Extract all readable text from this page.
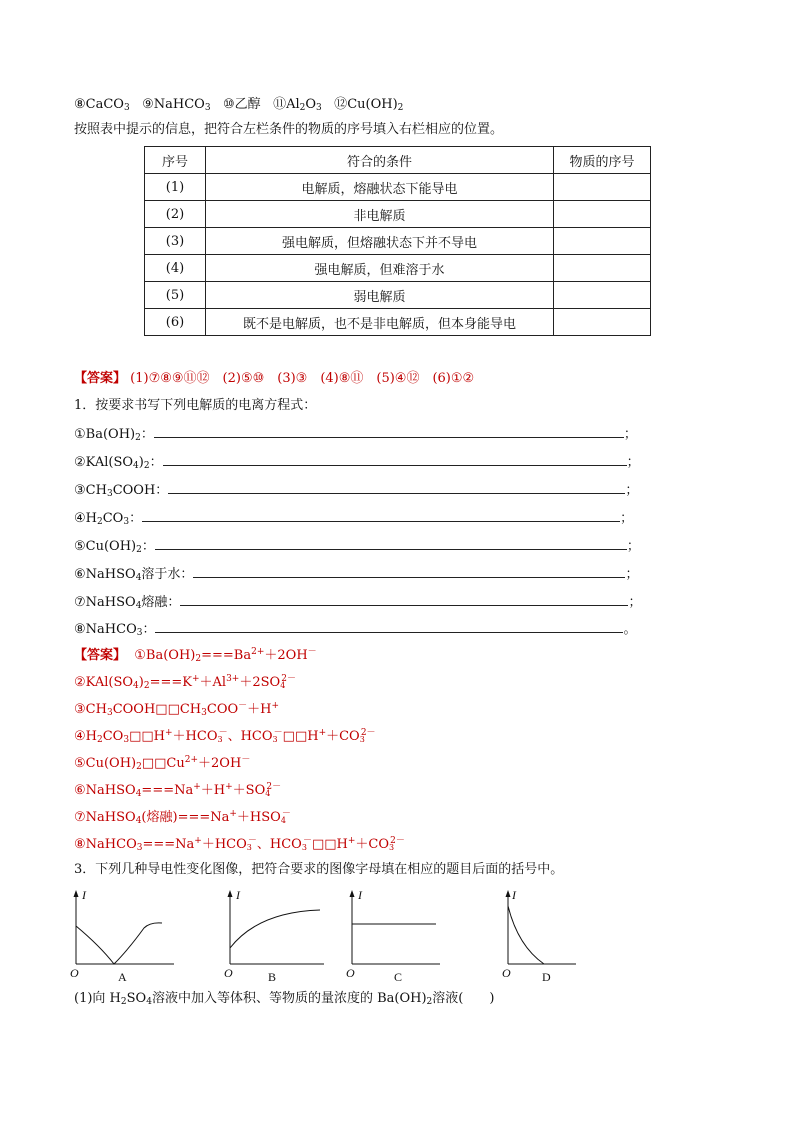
⑧CaCO$_3$ ⑨NaHCO$_3$ ⑩乙醇 $⑪Al_2O_3$ $⑫Cu(OH)_2$
按照表中提示的信息，把符合左栏条件的物质的序号填入右栏相应的位置。
序号	符合的条件	物质的序号
(1)	电解质，熔融状态下能导电	
(2)	非电解质	
(3)	强电解质，但熔融状态下并不导电	
(4)	强电解质，但难溶于水	
(5)	弱电解质	
(6)	既不是电解质，也不是非电解质，但本身能导电	
【答案】 (1)⑦⑧⑨⑪⑫　(2)⑤⑩　(3)③　(4)⑧⑪　(5)④⑫　(6)①②
1．按要求书写下列电解质的电离方程式：
$①Ba(OH)_2$：	；
$②KAl(SO_4)_2$：	；
$③CH_3COOH$：	；
$④H_2CO_3$：	；
$⑤Cu(OH)_2$：	；
⑥NaHSO$_4$溶于水：	；
⑦NaHSO$_4$熔融：	；
⑧NaHCO$_3$：	。
【答案】  $①Ba(OH)_2===Ba^{2+}+2OH^-$
$②KAl(SO_4)_2===K^++Al^{3+}+2SO_4^{2-}$
$③CH_3COOH□□CH_3COO^-+H^+$
$④H_2CO_3□□H^++HCO_3^-$、$HCO_3^-□□H^++CO_3^{2-}$
$⑤Cu(OH)_2□□Cu^{2+}+2OH^-$
$⑥NaHSO_4===Na^++H^++SO_4^{2-}$
⑦NaHSO$_4$(熔融)$===Na^++HSO_4^-$
$⑧NaHCO_3===Na^++HCO_3^-$、$HCO_3^-□□H^++CO_3^{2-}$
3．下列几种导电性变化图像，把符合要求的图像字母填在相应的题目后面的括号中。
I
O	A
I
O	B
I
O	C
I
O	D
(1)向 $H_2SO_4$溶液中加入等体积、等物质的量浓度的 $Ba(OH)_2$溶液(　　)
